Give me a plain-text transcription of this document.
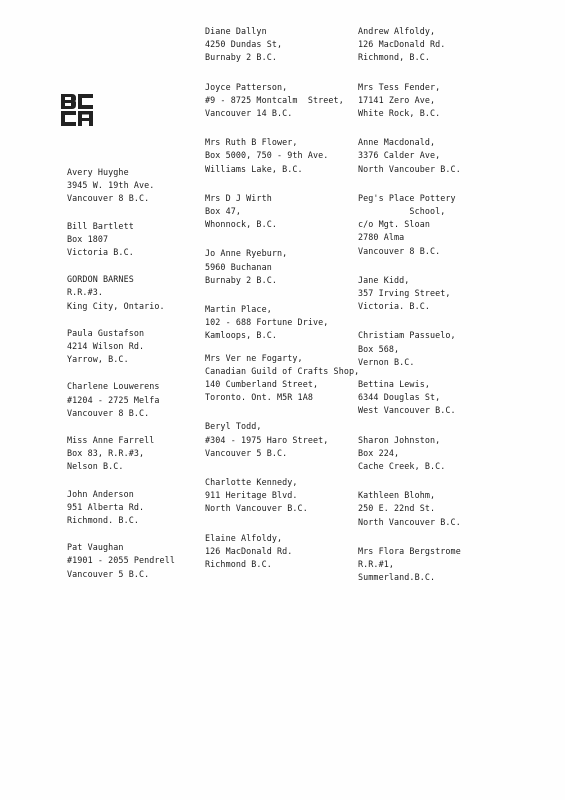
Avery Huyghe
3945 W. 19th Ave.
Vancouver 8 B.C.
Bill Bartlett
Box 1807
Victoria B.C.
GORDON BARNES
R.R.#3.
King City, Ontario.
Paula Gustafson
4214 Wilson Rd.
Yarrow, B.C.
Charlene Louwerens
#1204 - 2725 Melfa
Vancouver 8 B.C.
Miss Anne Farrell
Box 83, R.R.#3,
Nelson B.C.
John Anderson
951 Alberta Rd.
Richmond. B.C.
Pat Vaughan
#1901 - 2055 Pendrell
Vancouver 5 B.C.
Diane Dallyn
4250 Dundas St,
Burnaby 2 B.C.
Joyce Patterson,
#9 - 8725 Montcalm  Street,
Vancouver 14 B.C.
Mrs Ruth B Flower,
Box 5000, 750 - 9th Ave.
Williams Lake, B.C.
Mrs D J Wirth
Box 47,
Whonnock, B.C.
Jo Anne Ryeburn,
5960 Buchanan
Burnaby 2 B.C.
Martin Place,
102 - 688 Fortune Drive,
Kamloops, B.C.
Mrs Ver ne Fogarty,
Canadian Guild of Crafts Shop,
140 Cumberland Street,
Toronto. Ont. M5R 1A8
Beryl Todd,
#304 - 1975 Haro Street,
Vancouver 5 B.C.
Charlotte Kennedy,
911 Heritage Blvd.
North Vancouver B.C.
Elaine Alfoldy,
126 MacDonald Rd.
Richmond B.C.
Andrew Alfoldy,
126 MacDonald Rd.
Richmond, B.C.
Mrs Tess Fender,
17141 Zero Ave,
White Rock, B.C.
Anne Macdonald,
3376 Calder Ave,
North Vancouber B.C.
Peg's Place Pottery
School,
c/o Mgt. Sloan
2780 Alma
Vancouver 8 B.C.
Jane Kidd,
357 Irving Street,
Victoria. B.C.
Christiam Passuelo,
Box 568,
Vernon B.C.
Bettina Lewis,
6344 Douglas St,
West Vancouver B.C.
Sharon Johnston,
Box 224,
Cache Creek, B.C.
Kathleen Blohm,
250 E. 22nd St.
North Vancouver B.C.
Mrs Flora Bergstrome
R.R.#1,
Summerland.B.C.
